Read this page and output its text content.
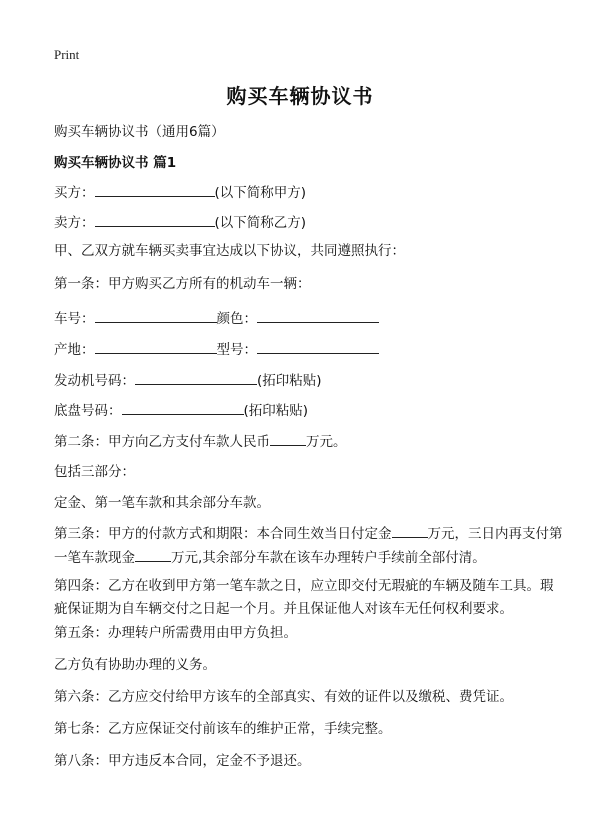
Print
购买车辆协议书
购买车辆协议书（通用6篇）
购买车辆协议书 篇1
买方：	(以下简称甲方)
卖方：	(以下简称乙方)
甲、乙双方就车辆买卖事宜达成以下协议，共同遵照执行：
第一条：甲方购买乙方所有的机动车一辆：
车号：	颜色：
产地：	型号：
发动机号码：	(拓印粘贴)
底盘号码：	(拓印粘贴)
第二条：甲方向乙方支付车款人民币	万元。
包括三部分：
定金、第一笔车款和其余部分车款。
第三条：甲方的付款方式和期限：本合同生效当日付定金	万元，三日内再支付第一笔车款现金	万元,其余部分车款在该车办理转户手续前全部付清。
第四条：乙方在收到甲方第一笔车款之日，应立即交付无瑕疵的车辆及随车工具。瑕疵保证期为自车辆交付之日起一个月。并且保证他人对该车无任何权利要求。
第五条：办理转户所需费用由甲方负担。
乙方负有协助办理的义务。
第六条：乙方应交付给甲方该车的全部真实、有效的证件以及缴税、费凭证。
第七条：乙方应保证交付前该车的维护正常，手续完整。
第八条：甲方违反本合同，定金不予退还。
